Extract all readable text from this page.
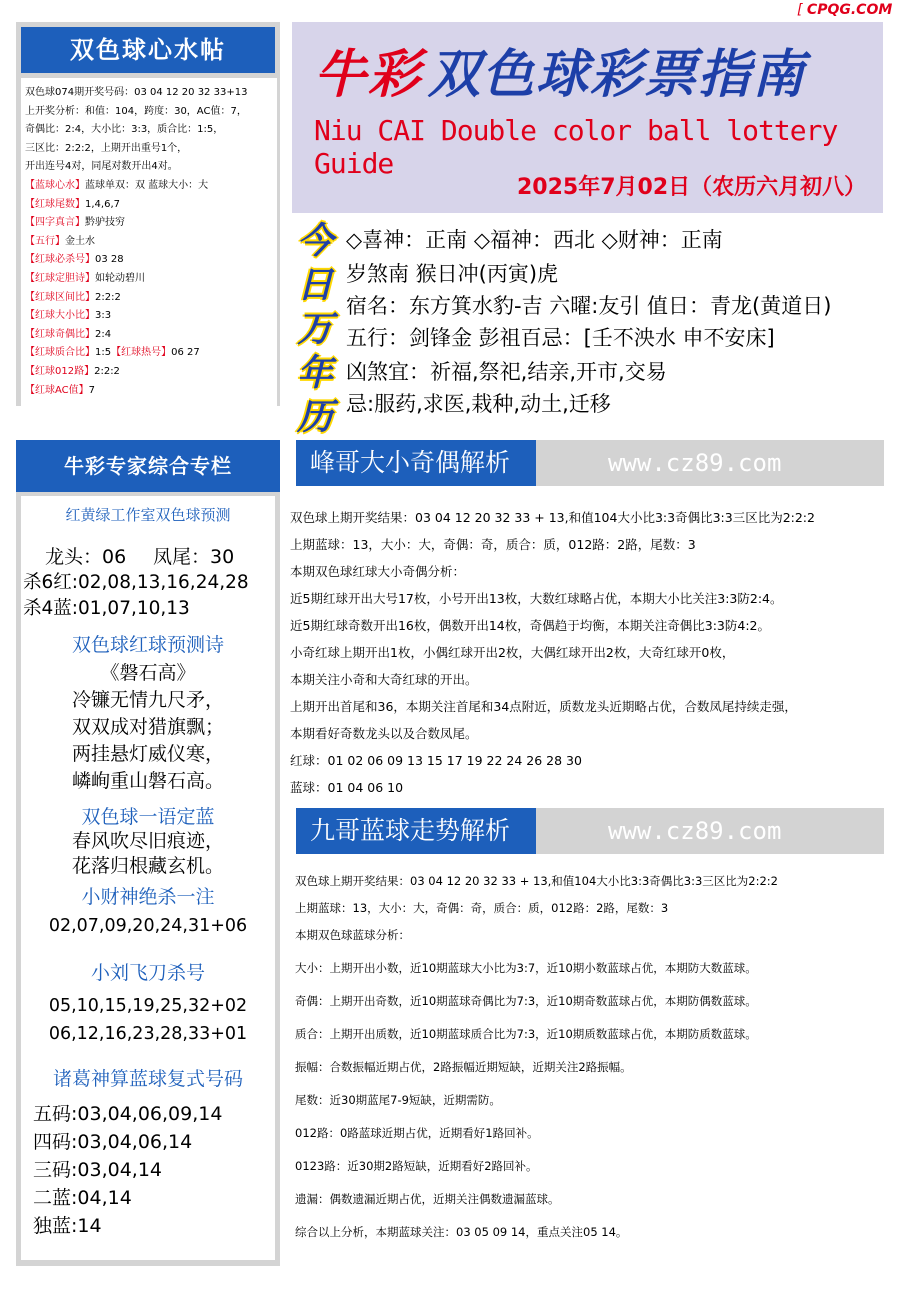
[ CPQG.COM
双色球心水帖
双色球074期开奖号码：03 04 12 20 32 33+13
上开奖分析：和值：104，跨度：30，AC值：7，
奇偶比：2:4，大小比：3:3，质合比：1:5，
三区比：2:2:2，上期开出重号1个，
开出连号4对，同尾对数开出4对。
【蓝球心水】蓝球单双：双 蓝球大小：大
【红球尾数】1,4,6,7
【四字真言】黔驴技穷
【五行】金土水
【红球必杀号】03 28
【红球定胆诗】如轮动碧川
【红球区间比】2:2:2
【红球大小比】3:3
【红球奇偶比】2:4
【红球质合比】1:5【红球热号】06 27
【红球012路】2:2:2
【红球AC值】7
牛彩专家综合专栏
红黄绿工作室双色球预测
龙头：06 凤尾：30
杀6红:02,08,13,16,24,28
杀4蓝:01,07,10,13
双色球红球预测诗
《磐石高》
冷镰无情九尺矛，
双双成对猎旗飘；
两挂悬灯威仪寒，
嶙峋重山磐石高。
双色球一语定蓝
春风吹尽旧痕迹，
花落归根藏玄机。
小财神绝杀一注
02,07,09,20,24,31+06
小刘飞刀杀号
05,10,15,19,25,32+02
06,12,16,23,28,33+01
诸葛神算蓝球复式号码
五码:03,04,06,09,14
四码:03,04,06,14
三码:03,04,14
二蓝:04,14
独蓝:14
牛彩 双色球彩票指南
Niu CAI Double color ball lottery Guide
2025年7月02日（农历六月初八）
今
日
万
年
历
◇喜神：正南 ◇福神：西北 ◇财神：正南
岁煞南 猴日冲(丙寅)虎
宿名：东方箕水豹-吉 六曜:友引 值日：青龙(黄道日)
五行：剑锋金 彭祖百忌：[壬不泱水 申不安床]
凶煞宜：祈福,祭祀,结亲,开市,交易
忌:服药,求医,栽种,动土,迁移
峰哥大小奇偶解析	www.cz89.com
双色球上期开奖结果：03 04 12 20 32 33 + 13,和值104大小比3:3奇偶比3:3三区比为2:2:2
上期蓝球：13，大小：大，奇偶：奇，质合：质，012路：2路，尾数：3
本期双色球红球大小奇偶分析：
近5期红球开出大号17枚，小号开出13枚，大数红球略占优，本期大小比关注3:3防2:4。
近5期红球奇数开出16枚，偶数开出14枚，奇偶趋于均衡，本期关注奇偶比3:3防4:2。
小奇红球上期开出1枚，小偶红球开出2枚，大偶红球开出2枚，大奇红球开0枚，
本期关注小奇和大奇红球的开出。
上期开出首尾和36，本期关注首尾和34点附近，质数龙头近期略占优，合数凤尾持续走强，
本期看好奇数龙头以及合数凤尾。
红球：01 02 06 09 13 15 17 19 22 24 26 28 30
蓝球：01 04 06 10
九哥蓝球走势解析	www.cz89.com
双色球上期开奖结果：03 04 12 20 32 33 + 13,和值104大小比3:3奇偶比3:3三区比为2:2:2
上期蓝球：13，大小：大，奇偶：奇，质合：质，012路：2路，尾数：3
本期双色球蓝球分析：
大小：上期开出小数，近10期蓝球大小比为3:7，近10期小数蓝球占优，本期防大数蓝球。
奇偶：上期开出奇数，近10期蓝球奇偶比为7:3，近10期奇数蓝球占优，本期防偶数蓝球。
质合：上期开出质数，近10期蓝球质合比为7:3，近10期质数蓝球占优，本期防质数蓝球。
振幅：合数振幅近期占优，2路振幅近期短缺，近期关注2路振幅。
尾数：近30期蓝尾7-9短缺，近期需防。
012路：0路蓝球近期占优，近期看好1路回补。
0123路：近30期2路短缺，近期看好2路回补。
遗漏：偶数遗漏近期占优，近期关注偶数遗漏蓝球。
综合以上分析，本期蓝球关注：03 05 09 14，重点关注05 14。
